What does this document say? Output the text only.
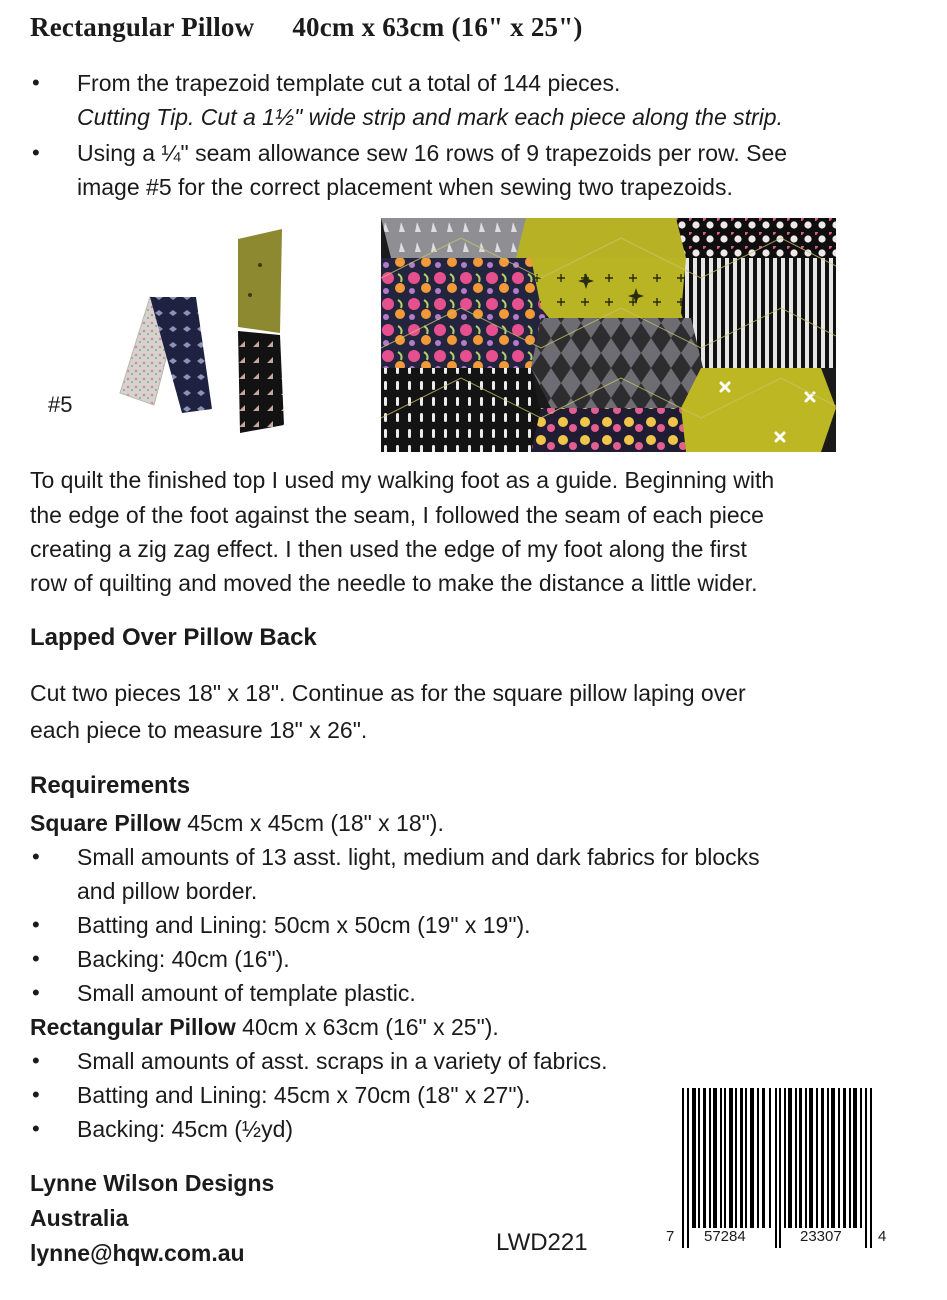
Rectangular Pillow 40cm x 63cm (16" x 25")
• From the trapezoid template cut a total of 144 pieces.
Cutting Tip. Cut a 1½" wide strip and mark each piece along the strip.
• Using a ¼" seam allowance sew 16 rows of 9 trapezoids per row. See
image #5 for the correct placement when sewing two trapezoids.
#5
To quilt the finished top I used my walking foot as a guide. Beginning with
the edge of the foot against the seam, I followed the seam of each piece
creating a zig zag effect. I then used the edge of my foot along the first
row of quilting and moved the needle to make the distance a little wider.
Lapped Over Pillow Back
Cut two pieces 18" x 18". Continue as for the square pillow laping over
each piece to measure 18" x 26".
Requirements
Square Pillow 45cm x 45cm (18" x 18").
• Small amounts of 13 asst. light, medium and dark fabrics for blocks
and pillow border.
• Batting and Lining: 50cm x 50cm (19" x 19").
• Backing: 40cm (16").
• Small amount of template plastic.
Rectangular Pillow 40cm x 63cm (16" x 25").
• Small amounts of asst. scraps in a variety of fabrics.
• Batting and Lining: 45cm x 70cm (18" x 27").
• Backing: 45cm (½yd)
Lynne Wilson Designs
Australia
lynne@hqw.com.au	LWD221	7 57284	23307 4
